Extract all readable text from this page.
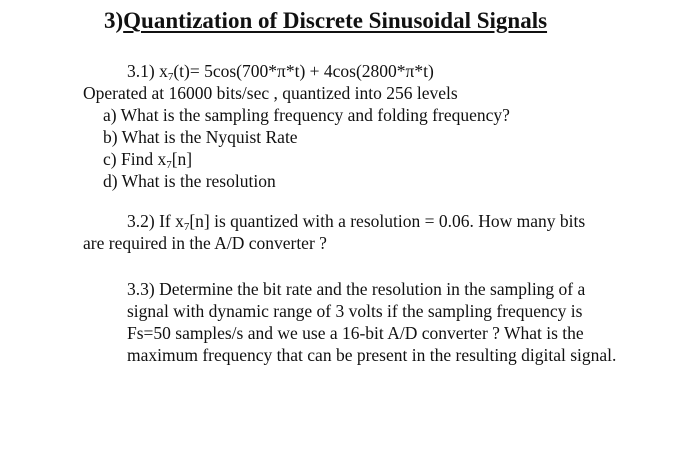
3)Quantization of Discrete Sinusoidal Signals
3.1) $x_7(t)= 5\cos(700*\pi*t) + 4\cos(2800*\pi*t)$
Operated at 16000 bits/sec , quantized into 256 levels
a) What is the sampling frequency and folding frequency?
b) What is the Nyquist Rate
c) Find $x_7[n]$
d) What is the resolution
3.2) If $x_7[n]$ is quantized with a resolution = 0.06. How many bits
are required in the A/D converter ?
3.3) Determine the bit rate and the resolution in the sampling of a signal with dynamic range of 3 volts if the sampling frequency is Fs=50 samples/s and we use a 16-bit A/D converter ? What is the maximum frequency that can be present in the resulting digital signal.
